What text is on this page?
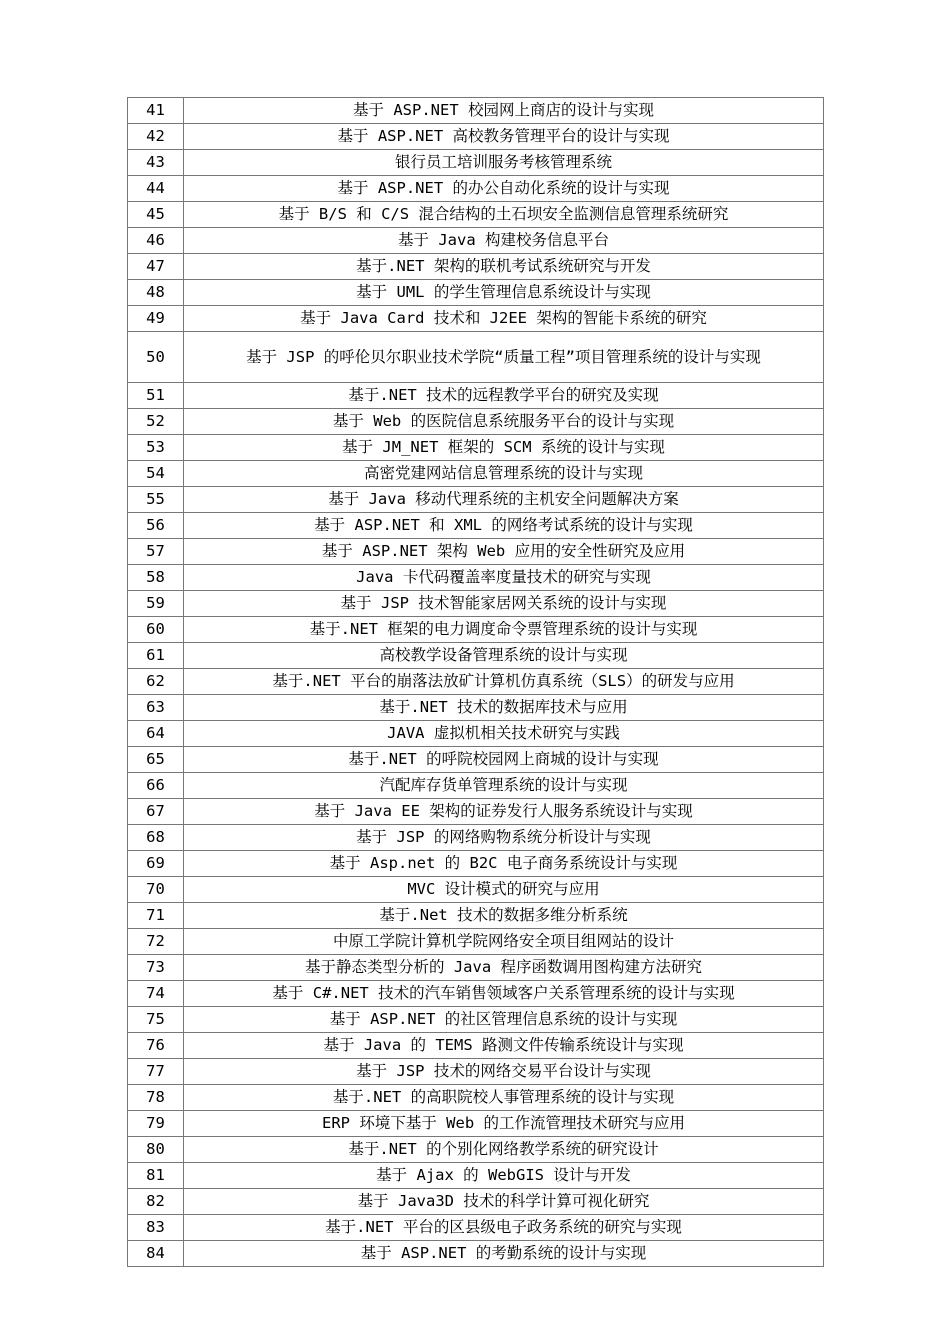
41	基于 ASP.NET 校园网上商店的设计与实现
42	基于 ASP.NET 高校教务管理平台的设计与实现
43	银行员工培训服务考核管理系统
44	基于 ASP.NET 的办公自动化系统的设计与实现
45	基于 B/S 和 C/S 混合结构的土石坝安全监测信息管理系统研究
46	基于 Java 构建校务信息平台
47	基于.NET 架构的联机考试系统研究与开发
48	基于 UML 的学生管理信息系统设计与实现
49	基于 Java Card 技术和 J2EE 架构的智能卡系统的研究
50	基于 JSP 的呼伦贝尔职业技术学院“质量工程”项目管理系统的设计与实现
51	基于.NET 技术的远程教学平台的研究及实现
52	基于 Web 的医院信息系统服务平台的设计与实现
53	基于 JM_NET 框架的 SCM 系统的设计与实现
54	高密党建网站信息管理系统的设计与实现
55	基于 Java 移动代理系统的主机安全问题解决方案
56	基于 ASP.NET 和 XML 的网络考试系统的设计与实现
57	基于 ASP.NET 架构 Web 应用的安全性研究及应用
58	Java 卡代码覆盖率度量技术的研究与实现
59	基于 JSP 技术智能家居网关系统的设计与实现
60	基于.NET 框架的电力调度命令票管理系统的设计与实现
61	高校教学设备管理系统的设计与实现
62	基于.NET 平台的崩落法放矿计算机仿真系统（SLS）的研发与应用
63	基于.NET 技术的数据库技术与应用
64	JAVA 虚拟机相关技术研究与实践
65	基于.NET 的呼院校园网上商城的设计与实现
66	汽配库存货单管理系统的设计与实现
67	基于 Java EE 架构的证券发行人服务系统设计与实现
68	基于 JSP 的网络购物系统分析设计与实现
69	基于 Asp.net 的 B2C 电子商务系统设计与实现
70	MVC 设计模式的研究与应用
71	基于.Net 技术的数据多维分析系统
72	中原工学院计算机学院网络安全项目组网站的设计
73	基于静态类型分析的 Java 程序函数调用图构建方法研究
74	基于 C#.NET 技术的汽车销售领域客户关系管理系统的设计与实现
75	基于 ASP.NET 的社区管理信息系统的设计与实现
76	基于 Java 的 TEMS 路测文件传输系统设计与实现
77	基于 JSP 技术的网络交易平台设计与实现
78	基于.NET 的高职院校人事管理系统的设计与实现
79	ERP 环境下基于 Web 的工作流管理技术研究与应用
80	基于.NET 的个别化网络教学系统的研究设计
81	基于 Ajax 的 WebGIS 设计与开发
82	基于 Java3D 技术的科学计算可视化研究
83	基于.NET 平台的区县级电子政务系统的研究与实现
84	基于 ASP.NET 的考勤系统的设计与实现
